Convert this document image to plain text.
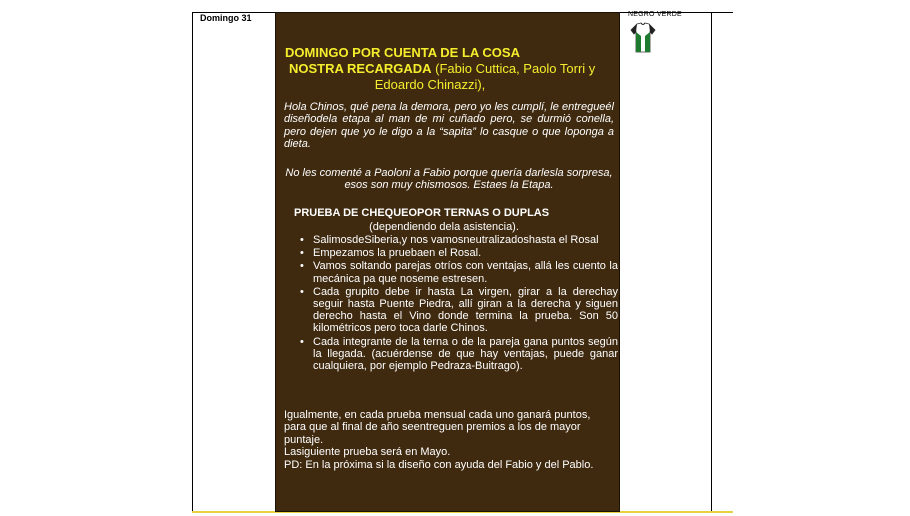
Domingo 31
DOMINGO POR CUENTA DE LA COSA
NOSTRA RECARGADA (Fabio Cuttica, Paolo Torri y
Edoardo Chinazzi),
Hola Chinos, qué pena la demora, pero yo les cumplí, le entregueél diseñodela etapa al man de mi cuñado pero, se durmió conella, pero dejen que yo le digo a la “sapita” lo casque o que loponga a dieta.
No les comenté a Paoloni a Fabio porque quería darlesla sorpresa, esos son muy chismosos. Estaes la Etapa.
PRUEBA DE CHEQUEOPOR TERNAS O DUPLAS
(dependiendo dela asistencia).
• SalimosdeSiberia,y nos vamosneutralizadoshasta el Rosal
• Empezamos la pruebaen el Rosal.
• Vamos soltando parejas otríos con ventajas, allá les cuento la mecánica pa que noseme estresen.
• Cada grupito debe ir hasta La virgen, girar a la derechay seguir hasta Puente Piedra, allí giran a la derecha y siguen derecho hasta el Vino donde termina la prueba. Son 50 kilométricos pero toca darle Chinos.
• Cada integrante de la terna o de la pareja gana puntos según la llegada. (acuérdense de que hay ventajas, puede ganar cualquiera, por ejemplo Pedraza-Buitrago).

Igualmente, en cada prueba mensual cada uno ganará puntos, para que al final de año seentreguen premios a los de mayor puntaje.

Lasiguiente prueba será en Mayo.

PD: En la próxima si la diseño con ayuda del Fabio y del Pablo.

NEGRO VERDE
